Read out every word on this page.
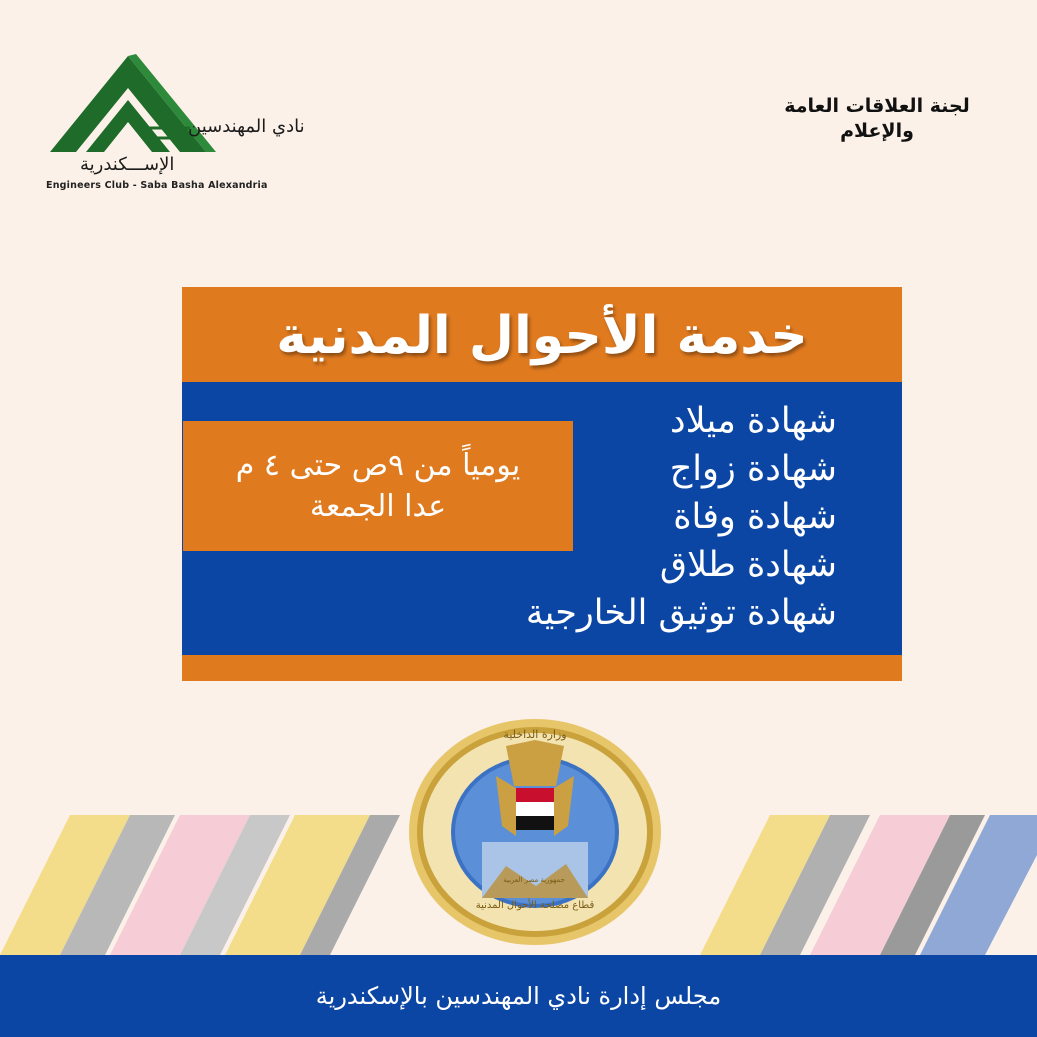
نادي المهندسين
الإســـكندرية
Engineers Club - Saba Basha Alexandria
لجنة العلاقات العامة
والإعلام
خدمة الأحوال المدنية
يومياً من ٩ص حتى ٤ م
عدا الجمعة
شهادة ميلاد
شهادة زواج
شهادة وفاة
شهادة طلاق
شهادة توثيق الخارجية
وزارة الداخلية
جمهورية مصر العربية
قطاع مصلحة الأحوال المدنية
مجلس إدارة نادي المهندسين بالإسكندرية
